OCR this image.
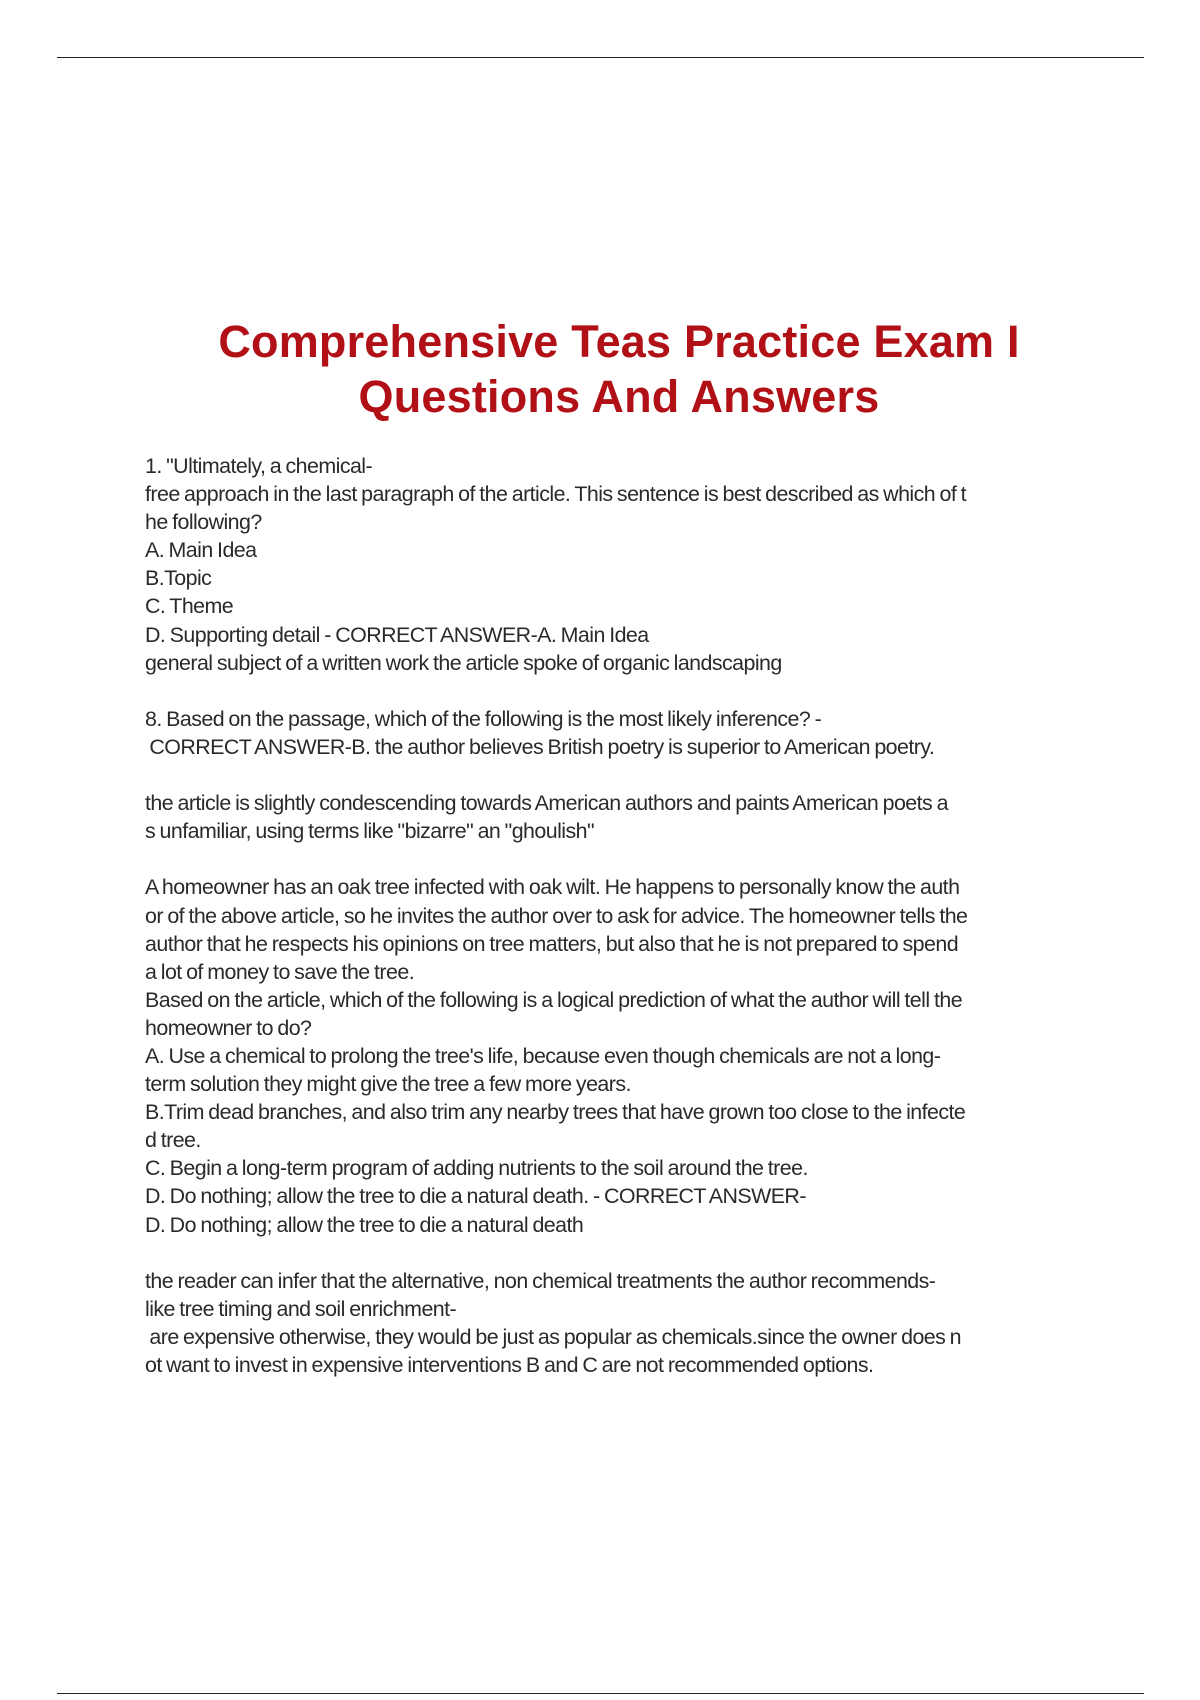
Comprehensive Teas Practice Exam I
Questions And Answers
1. "Ultimately, a chemical-
free approach in the last paragraph of the article. This sentence is best described as which of t
he following?
A. Main Idea
B.Topic
C. Theme
D. Supporting detail - CORRECT ANSWER-A. Main Idea
general subject of a written work the article spoke of organic landscaping
8. Based on the passage, which of the following is the most likely inference? -
CORRECT ANSWER-B. the author believes British poetry is superior to American poetry.
the article is slightly condescending towards American authors and paints American poets a
s unfamiliar, using terms like "bizarre" an "ghoulish"
A homeowner has an oak tree infected with oak wilt. He happens to personally know the auth
or of the above article, so he invites the author over to ask for advice. The homeowner tells the
author that he respects his opinions on tree matters, but also that he is not prepared to spend
a lot of money to save the tree.
Based on the article, which of the following is a logical prediction of what the author will tell the
homeowner to do?
A. Use a chemical to prolong the tree's life, because even though chemicals are not a long-
term solution they might give the tree a few more years.
B.Trim dead branches, and also trim any nearby trees that have grown too close to the infecte
d tree.
C. Begin a long-term program of adding nutrients to the soil around the tree.
D. Do nothing; allow the tree to die a natural death. - CORRECT ANSWER-
D. Do nothing; allow the tree to die a natural death
the reader can infer that the alternative, non chemical treatments the author recommends-
like tree timing and soil enrichment-
are expensive otherwise, they would be just as popular as chemicals.since the owner does n
ot want to invest in expensive interventions B and C are not recommended options.
